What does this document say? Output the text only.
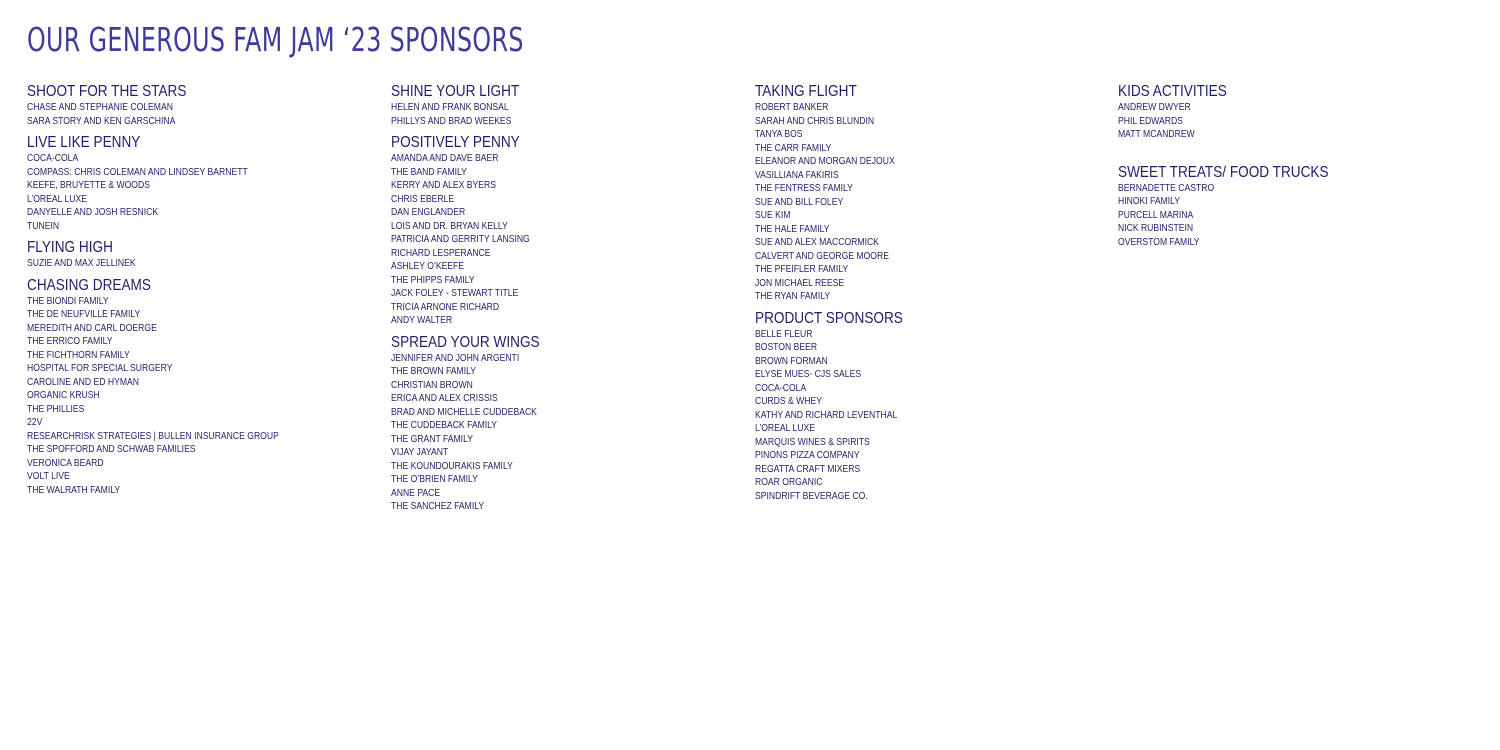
OUR GENEROUS FAM JAM ‘23 SPONSORS
SHOOT FOR THE STARS
CHASE AND STEPHANIE COLEMAN
SARA STORY AND KEN GARSCHINA
LIVE LIKE PENNY
COCA-COLA
COMPASS: CHRIS COLEMAN AND LINDSEY BARNETT
KEEFE, BRUYETTE & WOODS
L’OREAL LUXE
DANYELLE AND JOSH RESNICK
TUNEIN
FLYING HIGH
SUZIE AND MAX JELLINEK
CHASING DREAMS
THE BIONDI FAMILY
THE DE NEUFVILLE FAMILY
MEREDITH AND CARL DOERGE
THE ERRICO FAMILY
THE FICHTHORN FAMILY
HOSPITAL FOR SPECIAL SURGERY
CAROLINE AND ED HYMAN
ORGANIC KRUSH
THE PHILLIES
22V
RESEARCHRISK STRATEGIES | BULLEN INSURANCE GROUP
THE SPOFFORD AND SCHWAB FAMILIES
VERONICA BEARD
VOLT LIVE
THE WALRATH FAMILY
SHINE YOUR LIGHT
HELEN AND FRANK BONSAL
PHILLYS AND BRAD WEEKES
POSITIVELY PENNY
AMANDA AND DAVE BAER
THE BAND FAMILY
KERRY AND ALEX BYERS
CHRIS EBERLE
DAN ENGLANDER
LOIS AND DR. BRYAN KELLY
PATRICIA AND GERRITY LANSING
RICHARD LESPERANCE
ASHLEY O’KEEFE
THE PHIPPS FAMILY
JACK FOLEY - STEWART TITLE
TRICIA ARNONE RICHARD
ANDY WALTER
SPREAD YOUR WINGS
JENNIFER AND JOHN ARGENTI
THE BROWN FAMILY
CHRISTIAN BROWN
ERICA AND ALEX CRISSIS
BRAD AND MICHELLE CUDDEBACK
THE CUDDEBACK FAMILY
THE GRANT FAMILY
VIJAY JAYANT
THE KOUNDOURAKIS FAMILY
THE O’BRIEN FAMILY
ANNE PACE
THE SANCHEZ FAMILY
TAKING FLIGHT
ROBERT BANKER
SARAH AND CHRIS BLUNDIN
TANYA BOS
THE CARR FAMILY
ELEANOR AND MORGAN DEJOUX
VASILLIANA FAKIRIS
THE FENTRESS FAMILY
SUE AND BILL FOLEY
SUE KIM
THE HALE FAMILY
SUE AND ALEX MACCORMICK
CALVERT AND GEORGE MOORE
THE PFEIFLER FAMILY
JON MICHAEL REESE
THE RYAN FAMILY
PRODUCT SPONSORS
BELLE FLEUR
BOSTON BEER
BROWN FORMAN
ELYSE MUES- CJS SALES
COCA-COLA
CURDS & WHEY
KATHY AND RICHARD LEVENTHAL
L’OREAL LUXE
MARQUIS WINES & SPIRITS
PINONS PIZZA COMPANY
REGATTA CRAFT MIXERS
ROAR ORGANIC
SPINDRIFT BEVERAGE CO.
KIDS ACTIVITIES
ANDREW DWYER
PHIL EDWARDS
MATT MCANDREW
SWEET TREATS/ FOOD TRUCKS
BERNADETTE CASTRO
HINOKI FAMILY
PURCELL MARINA
NICK RUBINSTEIN
OVERSTOM FAMILY
